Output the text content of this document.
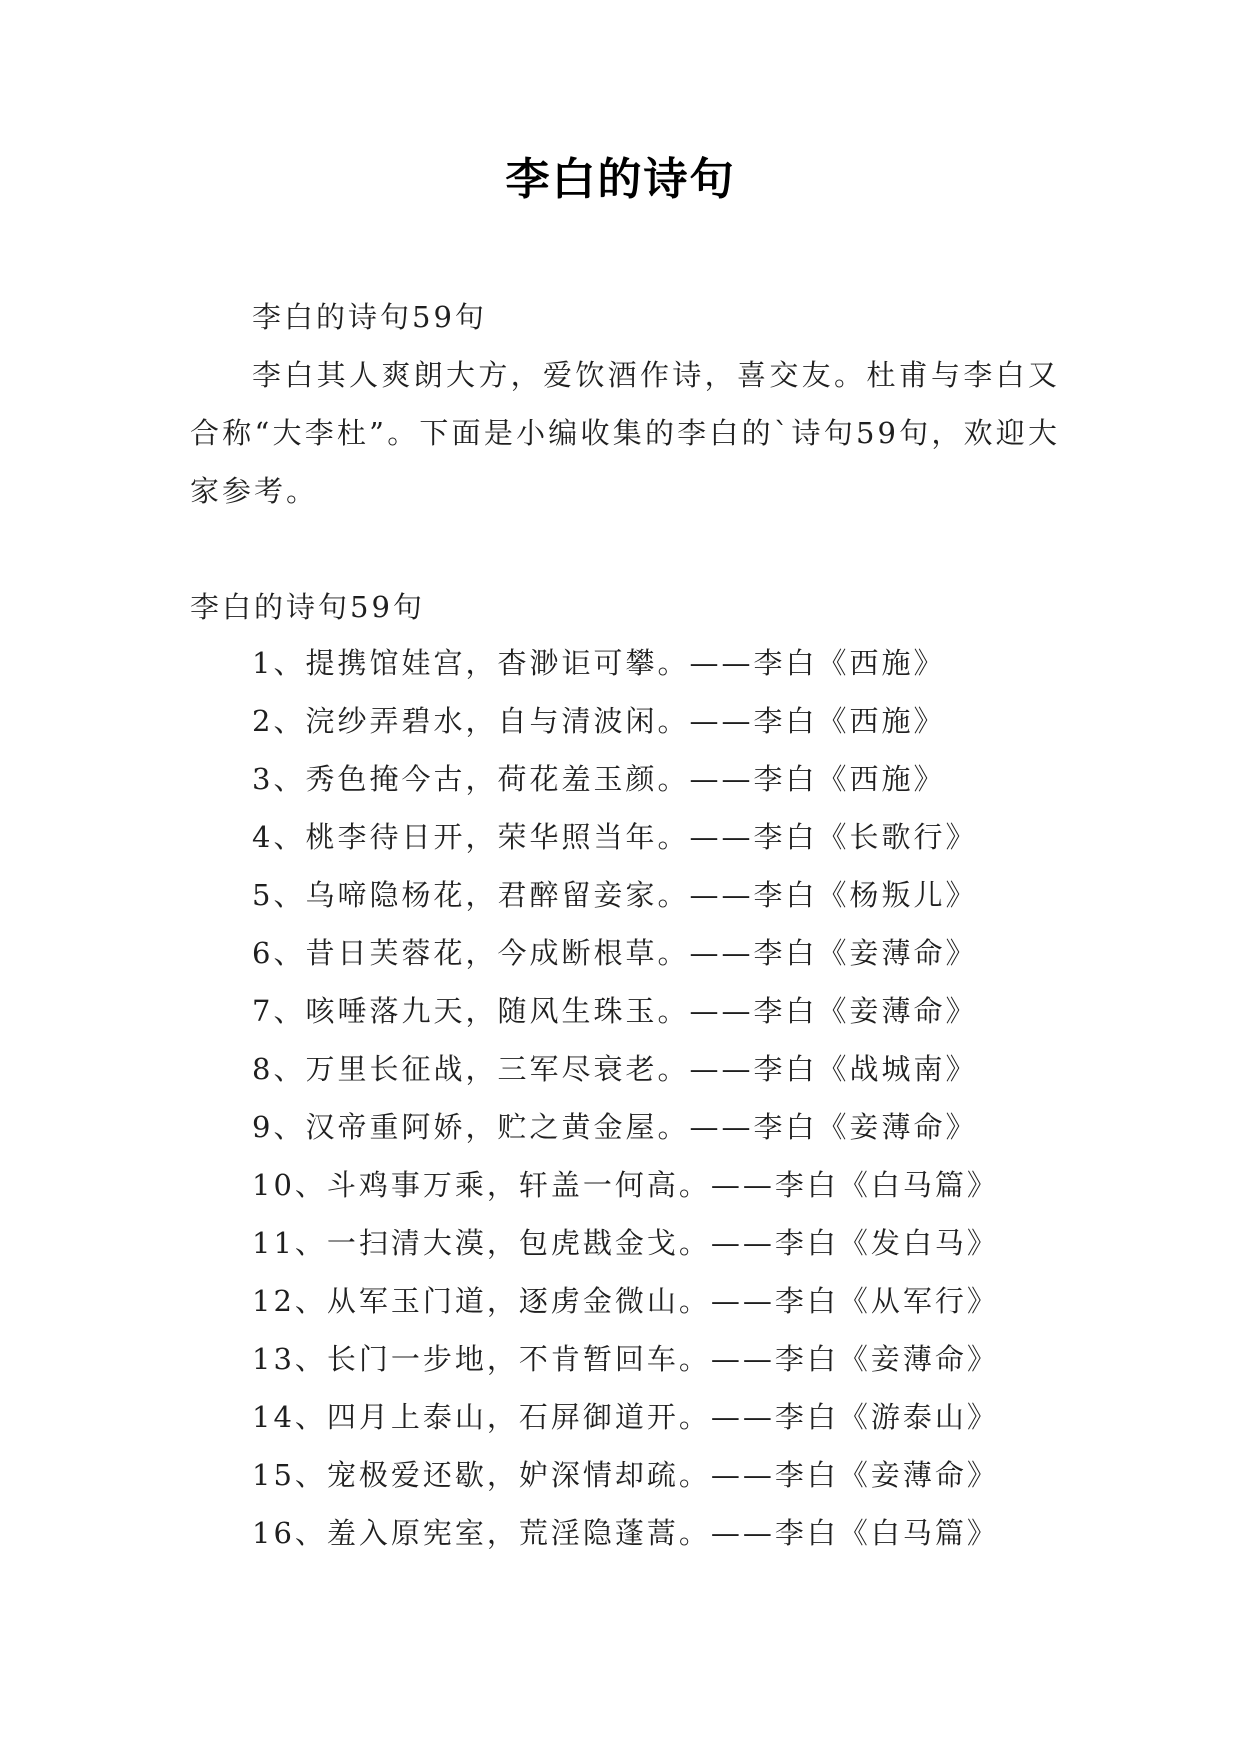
李白的诗句
李白的诗句59句
李白其人爽朗大方，爱饮酒作诗，喜交友。杜甫与李白又合称“大李杜”。下面是小编收集的李白的`诗句59句，欢迎大家参考。
李白的诗句59句
1、提携馆娃宫，杳渺讵可攀。——李白《西施》
2、浣纱弄碧水，自与清波闲。——李白《西施》
3、秀色掩今古，荷花羞玉颜。——李白《西施》
4、桃李待日开，荣华照当年。——李白《长歌行》
5、乌啼隐杨花，君醉留妾家。——李白《杨叛儿》
6、昔日芙蓉花，今成断根草。——李白《妾薄命》
7、咳唾落九天，随风生珠玉。——李白《妾薄命》
8、万里长征战，三军尽衰老。——李白《战城南》
9、汉帝重阿娇，贮之黄金屋。——李白《妾薄命》
10、斗鸡事万乘，轩盖一何高。——李白《白马篇》
11、一扫清大漠，包虎戡金戈。——李白《发白马》
12、从军玉门道，逐虏金微山。——李白《从军行》
13、长门一步地，不肯暂回车。——李白《妾薄命》
14、四月上泰山，石屏御道开。——李白《游泰山》
15、宠极爱还歇，妒深情却疏。——李白《妾薄命》
16、羞入原宪室，荒淫隐蓬蒿。——李白《白马篇》
